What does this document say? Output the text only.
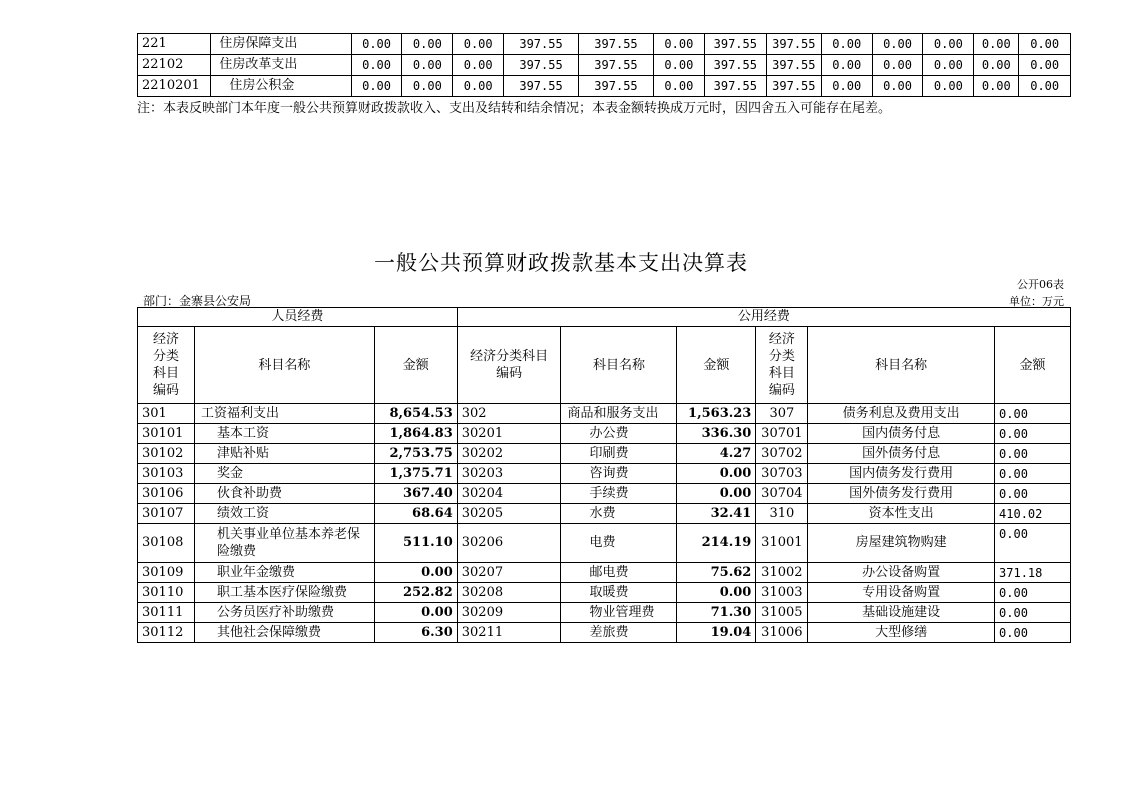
221	住房保障支出	0.00	0.00	0.00	397.55	397.55	0.00	397.55	397.55	0.00	0.00	0.00	0.00	0.00
22102	住房改革支出	0.00	0.00	0.00	397.55	397.55	0.00	397.55	397.55	0.00	0.00	0.00	0.00	0.00
2210201	住房公积金	0.00	0.00	0.00	397.55	397.55	0.00	397.55	397.55	0.00	0.00	0.00	0.00	0.00
注：本表反映部门本年度一般公共预算财政拨款收入、支出及结转和结余情况；本表金额转换成万元时，因四舍五入可能存在尾差。
一般公共预算财政拨款基本支出决算表
公开06表
部门：金寨县公安局	单位：万元
人员经费			公用经费					
经济分类科目编码	科目名称	金额	经济分类科目编码	科目名称	金额	经济分类科目编码	科目名称	金额
301	工资福利支出	8,654.53	302	商品和服务支出	1,563.23	307	债务利息及费用支出	0.00
30101	基本工资	1,864.83	30201	办公费	336.30	30701	国内债务付息	0.00
30102	津贴补贴	2,753.75	30202	印刷费	4.27	30702	国外债务付息	0.00
30103	奖金	1,375.71	30203	咨询费	0.00	30703	国内债务发行费用	0.00
30106	伙食补助费	367.40	30204	手续费	0.00	30704	国外债务发行费用	0.00
30107	绩效工资	68.64	30205	水费	32.41	310	资本性支出	410.02
30108	机关事业单位基本养老保险缴费	511.10	30206	电费	214.19	31001	房屋建筑物购建	0.00
30109	职业年金缴费	0.00	30207	邮电费	75.62	31002	办公设备购置	371.18
30110	职工基本医疗保险缴费	252.82	30208	取暖费	0.00	31003	专用设备购置	0.00
30111	公务员医疗补助缴费	0.00	30209	物业管理费	71.30	31005	基础设施建设	0.00
30112	其他社会保障缴费	6.30	30211	差旅费	19.04	31006	大型修缮	0.00
